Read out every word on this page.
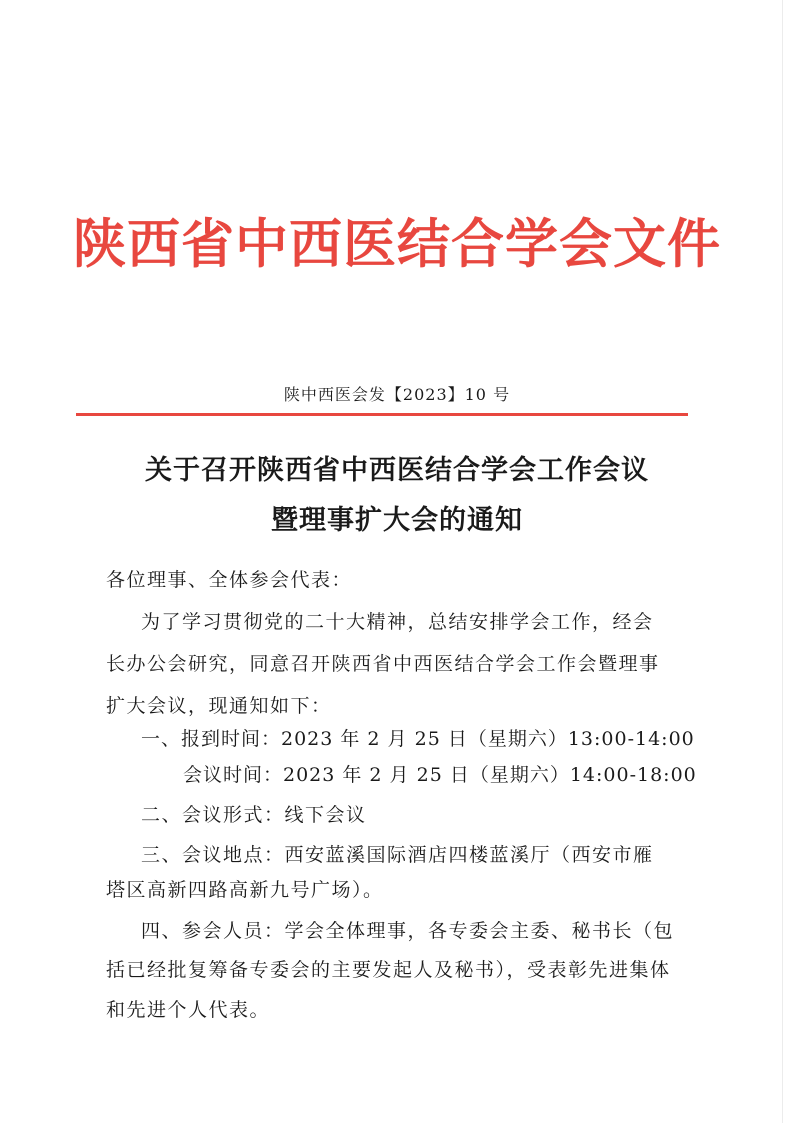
陕西省中西医结合学会文件
陕中西医会发【2023】10 号
关于召开陕西省中西医结合学会工作会议
暨理事扩大会的通知
各位理事、全体参会代表：
为了学习贯彻党的二十大精神，总结安排学会工作，经会
长办公会研究，同意召开陕西省中西医结合学会工作会暨理事
扩大会议，现通知如下：
一、报到时间：2023 年 2 月 25 日（星期六）13:00-14:00
会议时间：2023 年 2 月 25 日（星期六）14:00-18:00
二、会议形式：线下会议
三、会议地点：西安蓝溪国际酒店四楼蓝溪厅（西安市雁
塔区高新四路高新九号广场）。
四、参会人员：学会全体理事，各专委会主委、秘书长（包
括已经批复筹备专委会的主要发起人及秘书），受表彰先进集体
和先进个人代表。
